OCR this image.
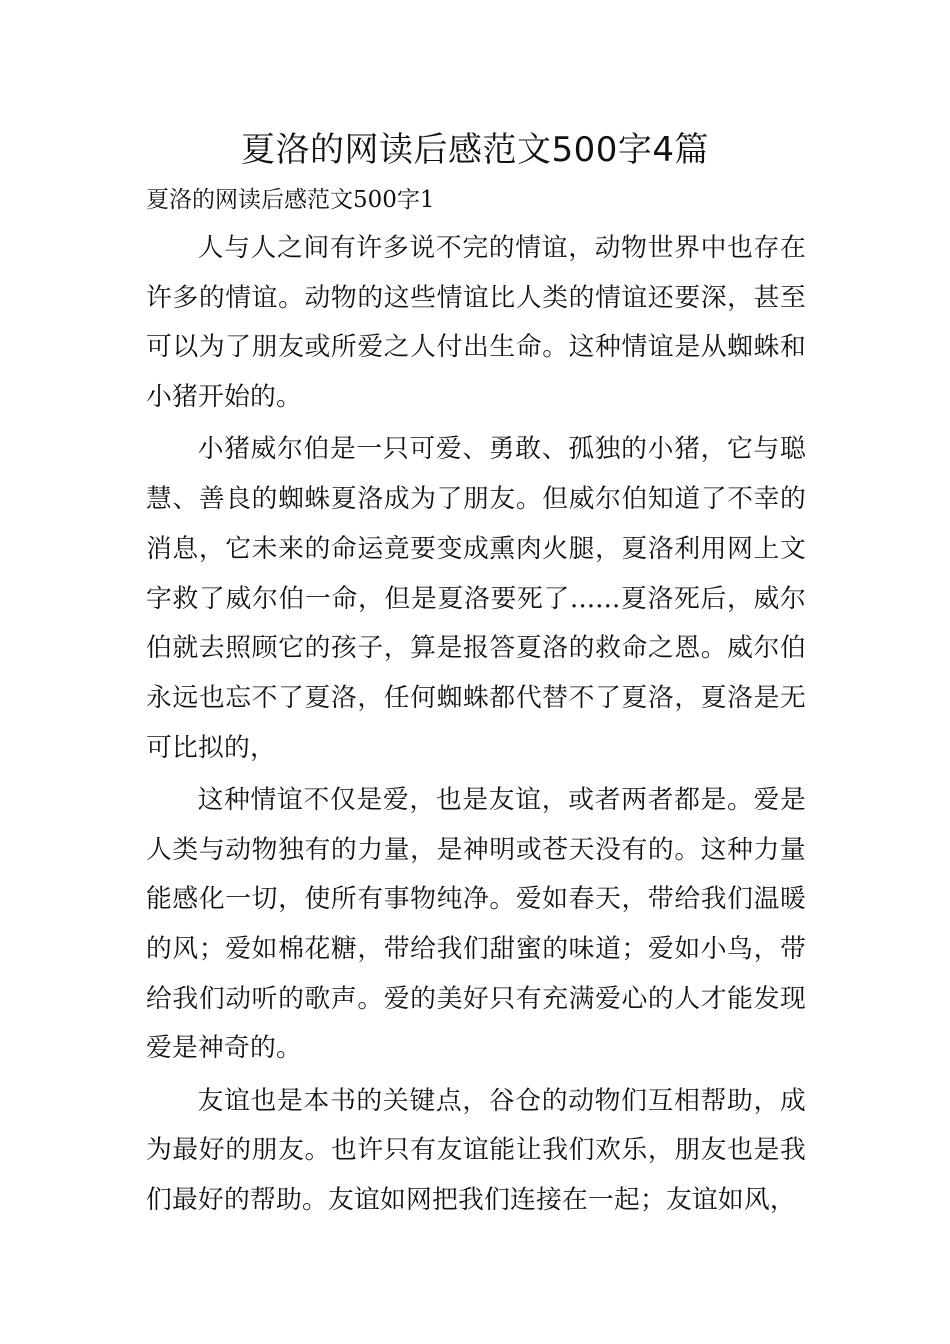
夏洛的网读后感范文500字4篇
夏洛的网读后感范文500字1

人与人之间有许多说不完的情谊，动物世界中也存在许多的情谊。动物的这些情谊比人类的情谊还要深，甚至可以为了朋友或所爱之人付出生命。这种情谊是从蜘蛛和小猪开始的。

小猪威尔伯是一只可爱、勇敢、孤独的小猪，它与聪慧、善良的蜘蛛夏洛成为了朋友。但威尔伯知道了不幸的消息，它未来的命运竟要变成熏肉火腿，夏洛利用网上文字救了威尔伯一命，但是夏洛要死了......夏洛死后，威尔伯就去照顾它的孩子，算是报答夏洛的救命之恩。威尔伯永远也忘不了夏洛，任何蜘蛛都代替不了夏洛，夏洛是无可比拟的，

这种情谊不仅是爱，也是友谊，或者两者都是。爱是人类与动物独有的力量，是神明或苍天没有的。这种力量能感化一切，使所有事物纯净。爱如春天，带给我们温暖的风；爱如棉花糖，带给我们甜蜜的味道；爱如小鸟，带给我们动听的歌声。爱的美好只有充满爱心的人才能发现爱是神奇的。

友谊也是本书的关键点，谷仓的动物们互相帮助，成为最好的朋友。也许只有友谊能让我们欢乐，朋友也是我们最好的帮助。友谊如网把我们连接在一起；友谊如风，
